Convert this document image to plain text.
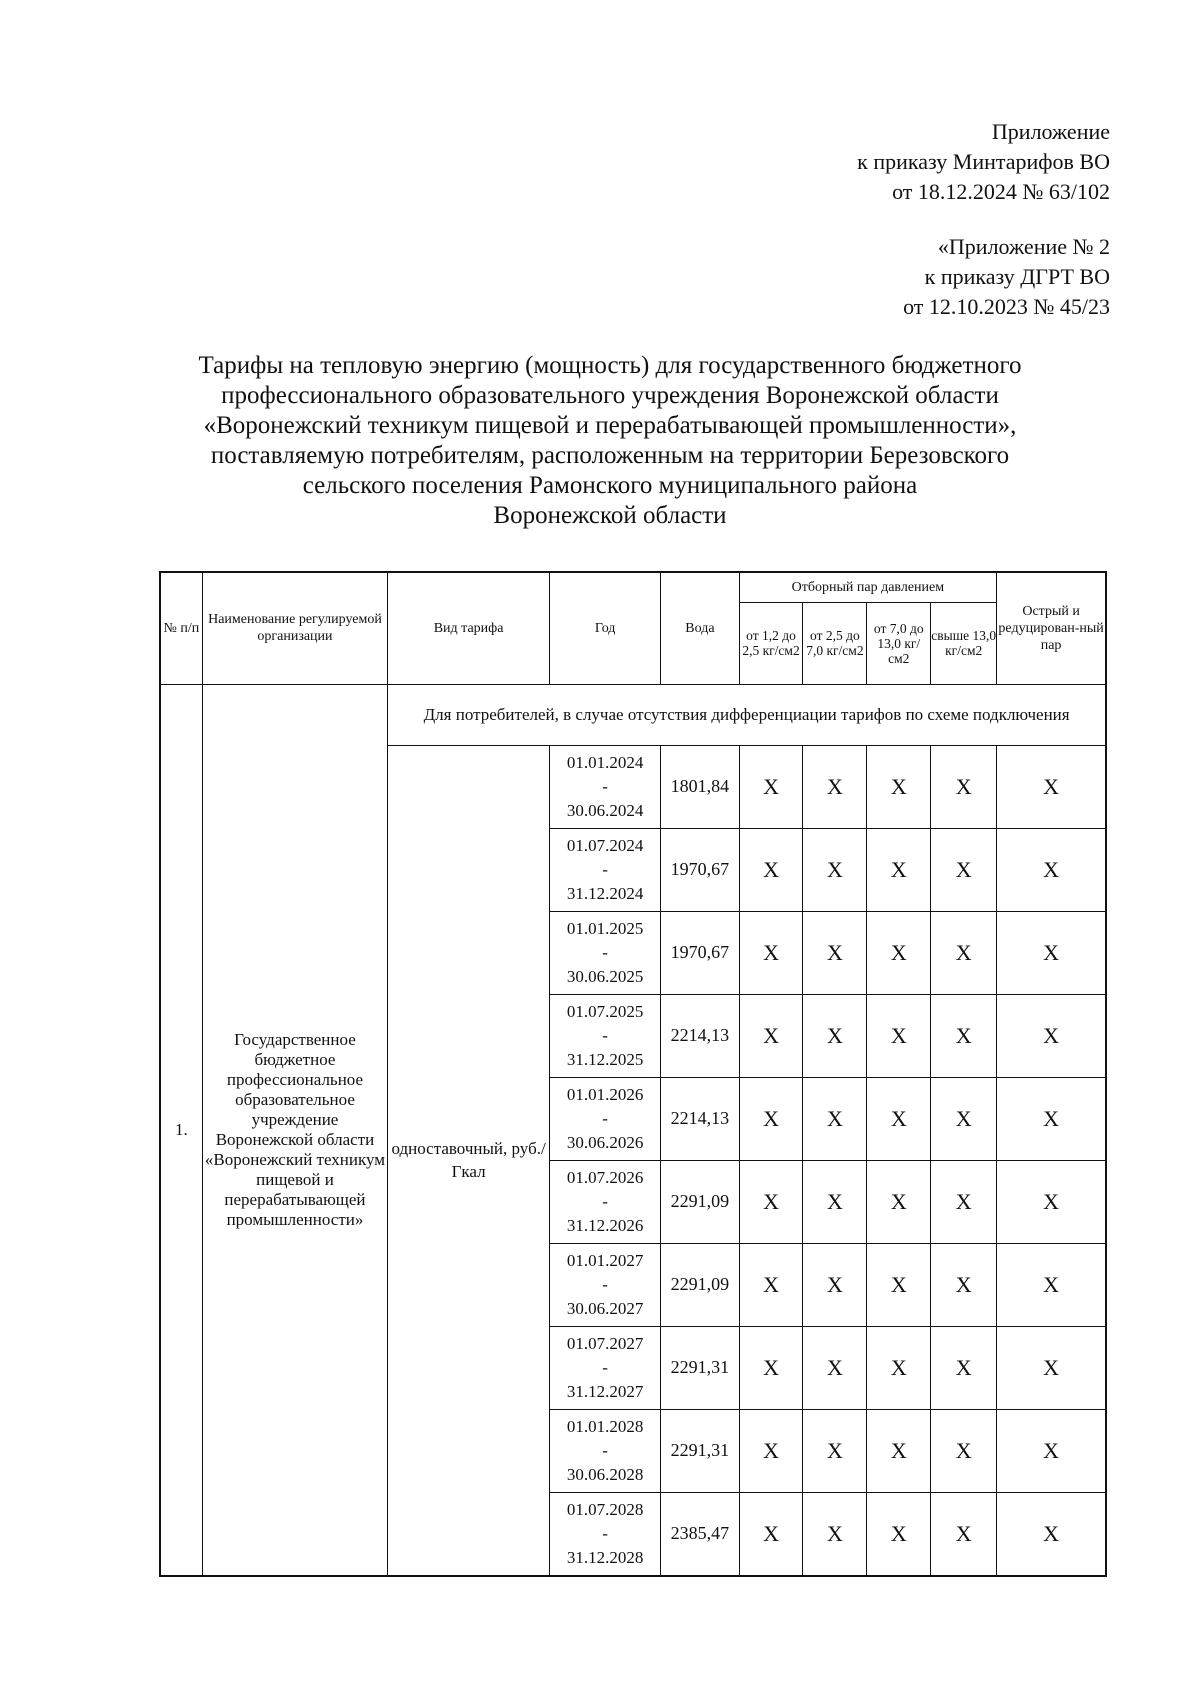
Приложение
к приказу Минтарифов ВО
от 18.12.2024 № 63/102
«Приложение № 2
к приказу ДГРТ ВО
от 12.10.2023 № 45/23
Тарифы на тепловую энергию (мощность) для государственного бюджетного
профессионального образовательного учреждения Воронежской области
«Воронежский техникум пищевой и перерабатывающей промышленности»,
поставляемую потребителям, расположенным на территории Березовского
сельского поселения Рамонского муниципального района
Воронежской области
№ п/п	Наименование регулируемой организации	Вид тарифа	Год	Вода	Отборный пар давлением				Острый и редуцирован-ный пар
					от 1,2 до 2,5 кг/см2	от 2,5 до 7,0 кг/см2	от 7,0 до 13,0 кг/см2	свыше 13,0 кг/см2	
1.	Государственное бюджетное профессиональное образовательное учреждение Воронежской области «Воронежский техникум пищевой и перерабатывающей промышленности»	Для потребителей, в случае отсутствия дифференциации тарифов по схеме подключения							
		одноставочный, руб./Гкал	01.01.2024
-
30.06.2024	1801,84	X	X	X	X	X

			01.07.2024
-
31.12.2024	1970,67	X	X	X	X	X

			01.01.2025
-
30.06.2025	1970,67	X	X	X	X	X

			01.07.2025
-
31.12.2025	2214,13	X	X	X	X	X

			01.01.2026
-
30.06.2026	2214,13	X	X	X	X	X

			01.07.2026
-
31.12.2026	2291,09	X	X	X	X	X

			01.01.2027
-
30.06.2027	2291,09	X	X	X	X	X

			01.07.2027
-
31.12.2027	2291,31	X	X	X	X	X

			01.01.2028
-
30.06.2028	2291,31	X	X	X	X	X

			01.07.2028
-
31.12.2028	2385,47	X	X	X	X	X
